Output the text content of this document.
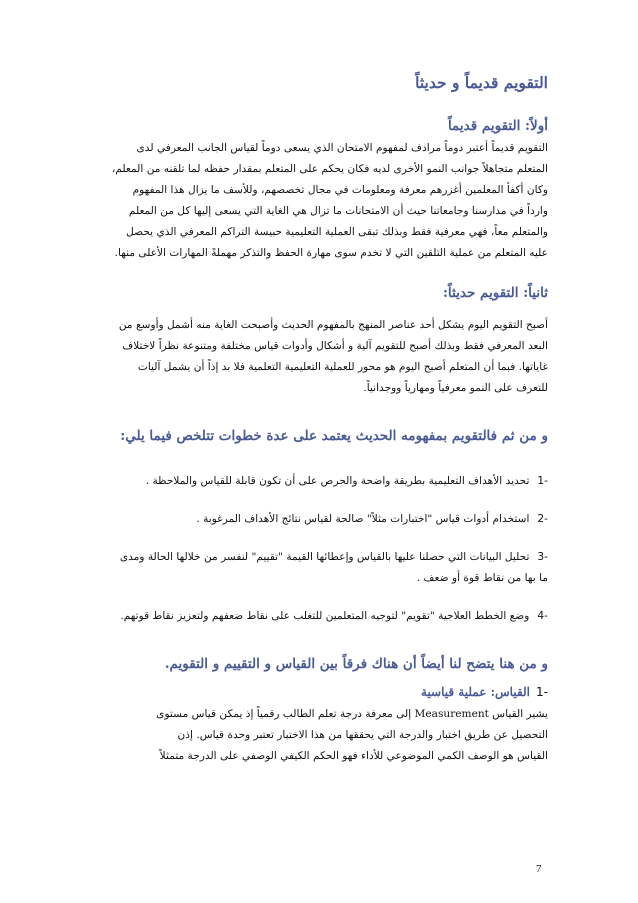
التقويم قديماً و حديثاً
أولاً: التقويم قديماً
التقويم قديماً أعتبر دوماً مرادف لمفهوم الامتحان الذي يسعى دوماً لقياس الجانب المعرفي لدى
المتعلم متجاهلاً جوانب النمو الأخرى لديه فكان يحكم على المتعلم بمقدار حفظه لما تلقنه من المعلم،
وكان أكفأ المعلمين أغزرهم معرفة ومعلومات في مجال تخصصهم، وللأسف ما يزال هذا المفهوم
وارداً في مدارسنا وجامعاتنا حيث أن الامتحانات ما تزال هي الغاية التي يسعى إليها كل من المعلم
والمتعلم معاً، فهي معرفية فقط وبذلك تبقى العملية التعليمية حبيسة التراكم المعرفي الذي يحصل
عليه المتعلم من عملية التلقين التي لا تخدم سوى مهارة الحفظ والتذكر مهملةً المهارات الأعلى منها.
ثانياً: التقويم حديثاً:
أصبح التقويم اليوم يشكل أحد عناصر المنهج بالمفهوم الحديث وأصبحت الغاية منه أشمل وأوسع من
البعد المعرفي فقط وبذلك أصبح للتقويم آلية و أشكال وأدوات قياس مختلفة ومتنوعة نظراً لاختلاف
غاياتها. فبما أن المتعلم أصبح اليوم هو محور للعملية التعليمية التعلمية فلا بد إذاً أن يشمل آليات
للتعرف على النمو معرفياً ومهارياً ووجدانياً.
و من ثم فالتقويم بمفهومه الحديث يعتمد على عدة خطوات تتلخص فيما يلي:
-1تحديد الأهداف التعليمية بطريقة واضحة والحرص على أن تكون قابلة للقياس والملاحظة .
-2استخدام أدوات قياس "اختبارات مثلاً" صالحة لقياس نتائج الأهداف المرغوبة .
-3تحليل البيانات التي حصلنا عليها بالقياس وإعطائها القيمة "تقييم" لنفسر من خلالها الحالة ومدى
ما بها من نقاط قوة أو ضعف .
-4وضع الخطط العلاجية "تقويم" لتوجيه المتعلمين للتغلب على نقاط ضعفهم ولتعزيز نقاط قوتهم.
و من هنا يتضح لنا أيضاً أن هناك فرقاً بين القياس و التقييم و التقويم.
-1القياس: عملية قياسية
يشير القياس Measurement إلى معرفة درجة تعلم الطالب رقمياً إذ يمكن قياس مستوى
التحصيل عن طريق اختبار والدرجة التي يحققها من هذا الاختبار تعتبر وحدة قياس. إذن
القياس هو الوصف الكمي الموضوعي للأداء فهو الحكم الكيفي الوصفي على الدرجة متمثلاً
7
